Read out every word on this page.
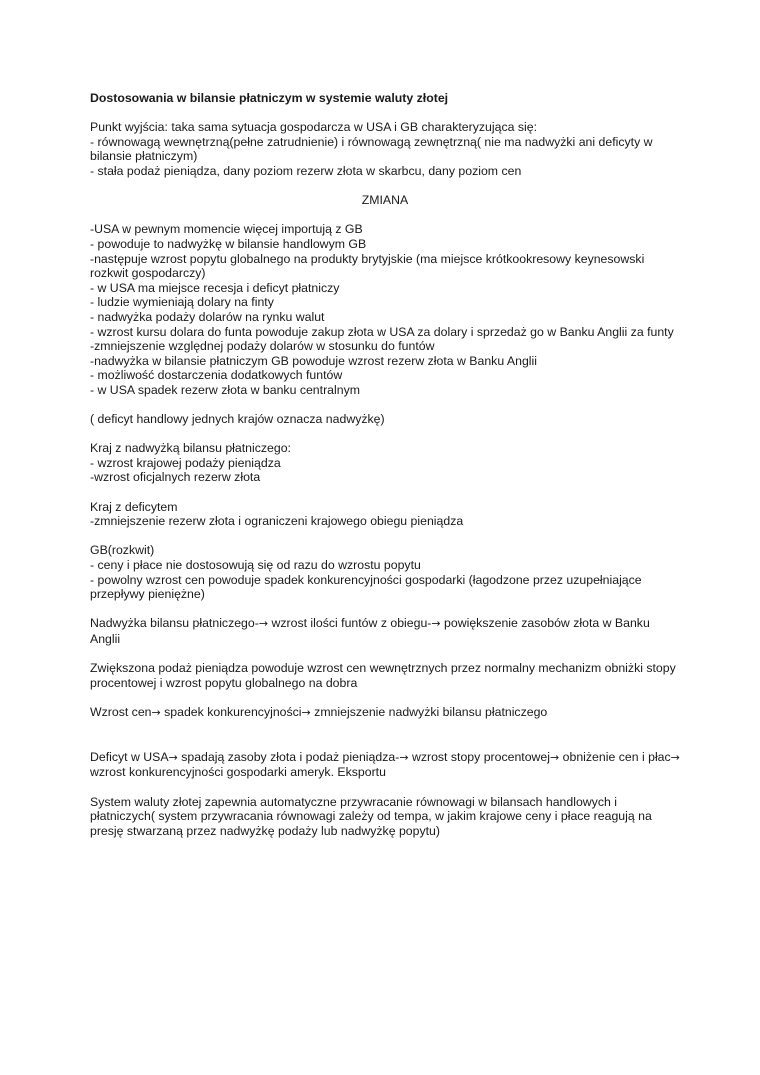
Dostosowania w bilansie płatniczym w systemie waluty złotej
Punkt wyjścia: taka sama sytuacja gospodarcza w USA i GB charakteryzująca się:
- równowagą wewnętrzną(pełne zatrudnienie) i równowagą zewnętrzną( nie ma nadwyżki ani deficyty w bilansie płatniczym)
- stała podaż pieniądza, dany poziom rezerw złota w skarbcu, dany poziom cen
ZMIANA
-USA w pewnym momencie więcej importują z GB
- powoduje to nadwyżkę w bilansie handlowym GB
-następuje wzrost popytu globalnego na produkty brytyjskie (ma miejsce krótkookresowy keynesowski rozkwit gospodarczy)
- w USA ma miejsce recesja i deficyt płatniczy
- ludzie wymieniają dolary na finty
- nadwyżka podaży dolarów na rynku walut
- wzrost kursu dolara do funta powoduje zakup złota w USA za dolary i sprzedaż go w Banku Anglii za funty
-zmniejszenie względnej podaży dolarów w stosunku do funtów
-nadwyżka w bilansie płatniczym GB powoduje wzrost rezerw złota w Banku Anglii
- możliwość dostarczenia dodatkowych funtów
- w USA spadek rezerw złota w banku centralnym
( deficyt handlowy jednych krajów oznacza nadwyżkę)
Kraj z nadwyżką bilansu płatniczego:
- wzrost krajowej podaży pieniądza
-wzrost oficjalnych rezerw złota
Kraj z deficytem
-zmniejszenie rezerw złota i ograniczeni krajowego obiegu pieniądza
GB(rozkwit)
- ceny i płace nie dostosowują się od razu do wzrostu popytu
- powolny wzrost cen powoduje spadek konkurencyjności gospodarki (łagodzone przez uzupełniające przepływy pieniężne)
Nadwyżka bilansu płatniczego-→ wzrost ilości funtów z obiegu-→ powiększenie zasobów złota w Banku Anglii
Zwiększona podaż pieniądza powoduje wzrost cen wewnętrznych przez normalny mechanizm obniżki stopy procentowej i wzrost popytu globalnego na dobra
Wzrost cen→ spadek konkurencyjności→ zmniejszenie nadwyżki bilansu płatniczego
Deficyt w USA→ spadają zasoby złota i podaż pieniądza-→ wzrost stopy procentowej→ obniżenie cen i płac→ wzrost konkurencyjności gospodarki ameryk. Eksportu
System waluty złotej zapewnia automatyczne przywracanie równowagi w bilansach handlowych i płatniczych( system przywracania równowagi zależy od tempa, w jakim krajowe ceny i płace reagują na presję stwarzaną przez nadwyżkę podaży lub nadwyżkę popytu)
